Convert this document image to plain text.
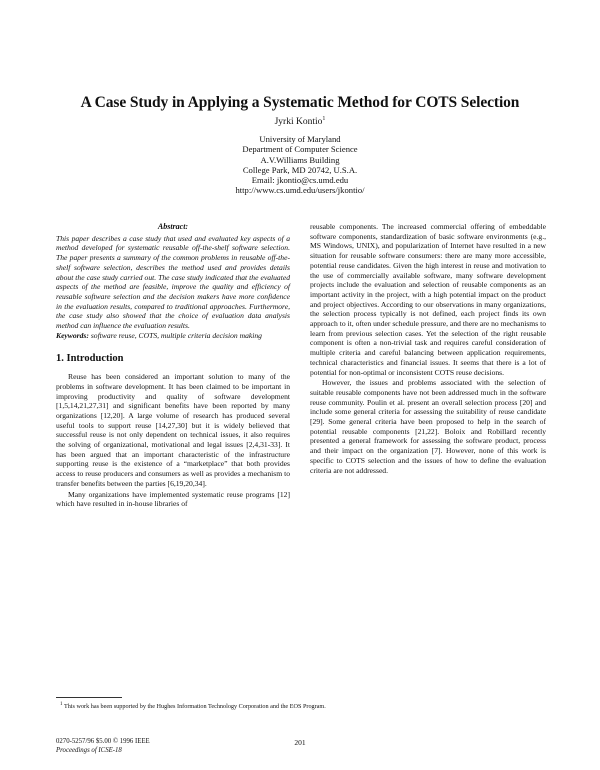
A Case Study in Applying a Systematic Method for COTS Selection
Jyrki Kontio$^1$
University of Maryland
Department of Computer Science
A.V.Williams Building
College Park, MD 20742, U.S.A.
Email: jkontio@cs.umd.edu
http://www.cs.umd.edu/users/jkontio/
Abstract:
This paper describes a case study that used and evaluated key aspects of a method developed for systematic reusable off-the-shelf software selection. The paper presents a summary of the common problems in reusable off-the-shelf software selection, describes the method used and provides details about the case study carried out. The case study indicated that the evaluated aspects of the method are feasible, improve the quality and efficiency of reusable software selection and the decision makers have more confidence in the evaluation results, compared to traditional approaches. Furthermore, the case study also showed that the choice of evaluation data analysis method can influence the evaluation results.
Keywords: software reuse, COTS, multiple criteria decision making
1. Introduction

Reuse has been considered an important solution to many of the problems in software development. It has been claimed to be important in improving productivity and quality of software development [1,5,14,21,27,31] and significant benefits have been reported by many organizations [12,20]. A large volume of research has produced several useful tools to support reuse [14,27,30] but it is widely believed that successful reuse is not only dependent on technical issues, it also requires the solving of organizational, motivational and legal issues [2,4,31-33]. It has been argued that an important characteristic of the infrastructure supporting reuse is the existence of a “marketplace” that both provides access to reuse producers and consumers as well as provides a mechanism to transfer benefits between the parties [6,19,20,34].

Many organizations have implemented systematic reuse programs [12] which have resulted in in-house libraries of

reusable components. The increased commercial offering of embeddable software components, standardization of basic software environments (e.g., MS Windows, UNIX), and popularization of Internet have resulted in a new situation for reusable software consumers: there are many more accessible, potential reuse candidates. Given the high interest in reuse and motivation to the use of commercially available software, many software development projects include the evaluation and selection of reusable components as an important activity in the project, with a high potential impact on the product and project objectives. According to our observations in many organizations, the selection process typically is not defined, each project finds its own approach to it, often under schedule pressure, and there are no mechanisms to learn from previous selection cases. Yet the selection of the right reusable component is often a non-trivial task and requires careful consideration of multiple criteria and careful balancing between application requirements, technical characteristics and financial issues. It seems that there is a lot of potential for non-optimal or inconsistent COTS reuse decisions.

However, the issues and problems associated with the selection of suitable reusable components have not been addressed much in the software reuse community. Poulin et al. present an overall selection process [20] and include some general criteria for assessing the suitability of reuse candidate [29]. Some general criteria have been proposed to help in the search of potential reusable components [21,22]. Boloix and Robillard recently presented a general framework for assessing the software product, process and their impact on the organization [7]. However, none of this work is specific to COTS selection and the issues of how to define the evaluation criteria are not addressed.

$^1$ This work has been supported by the Hughes Information Technology Corporation and the EOS Program.
0270-5257/96 $5.00 © 1996 IEEE
Proceedings of ICSE-18
201
